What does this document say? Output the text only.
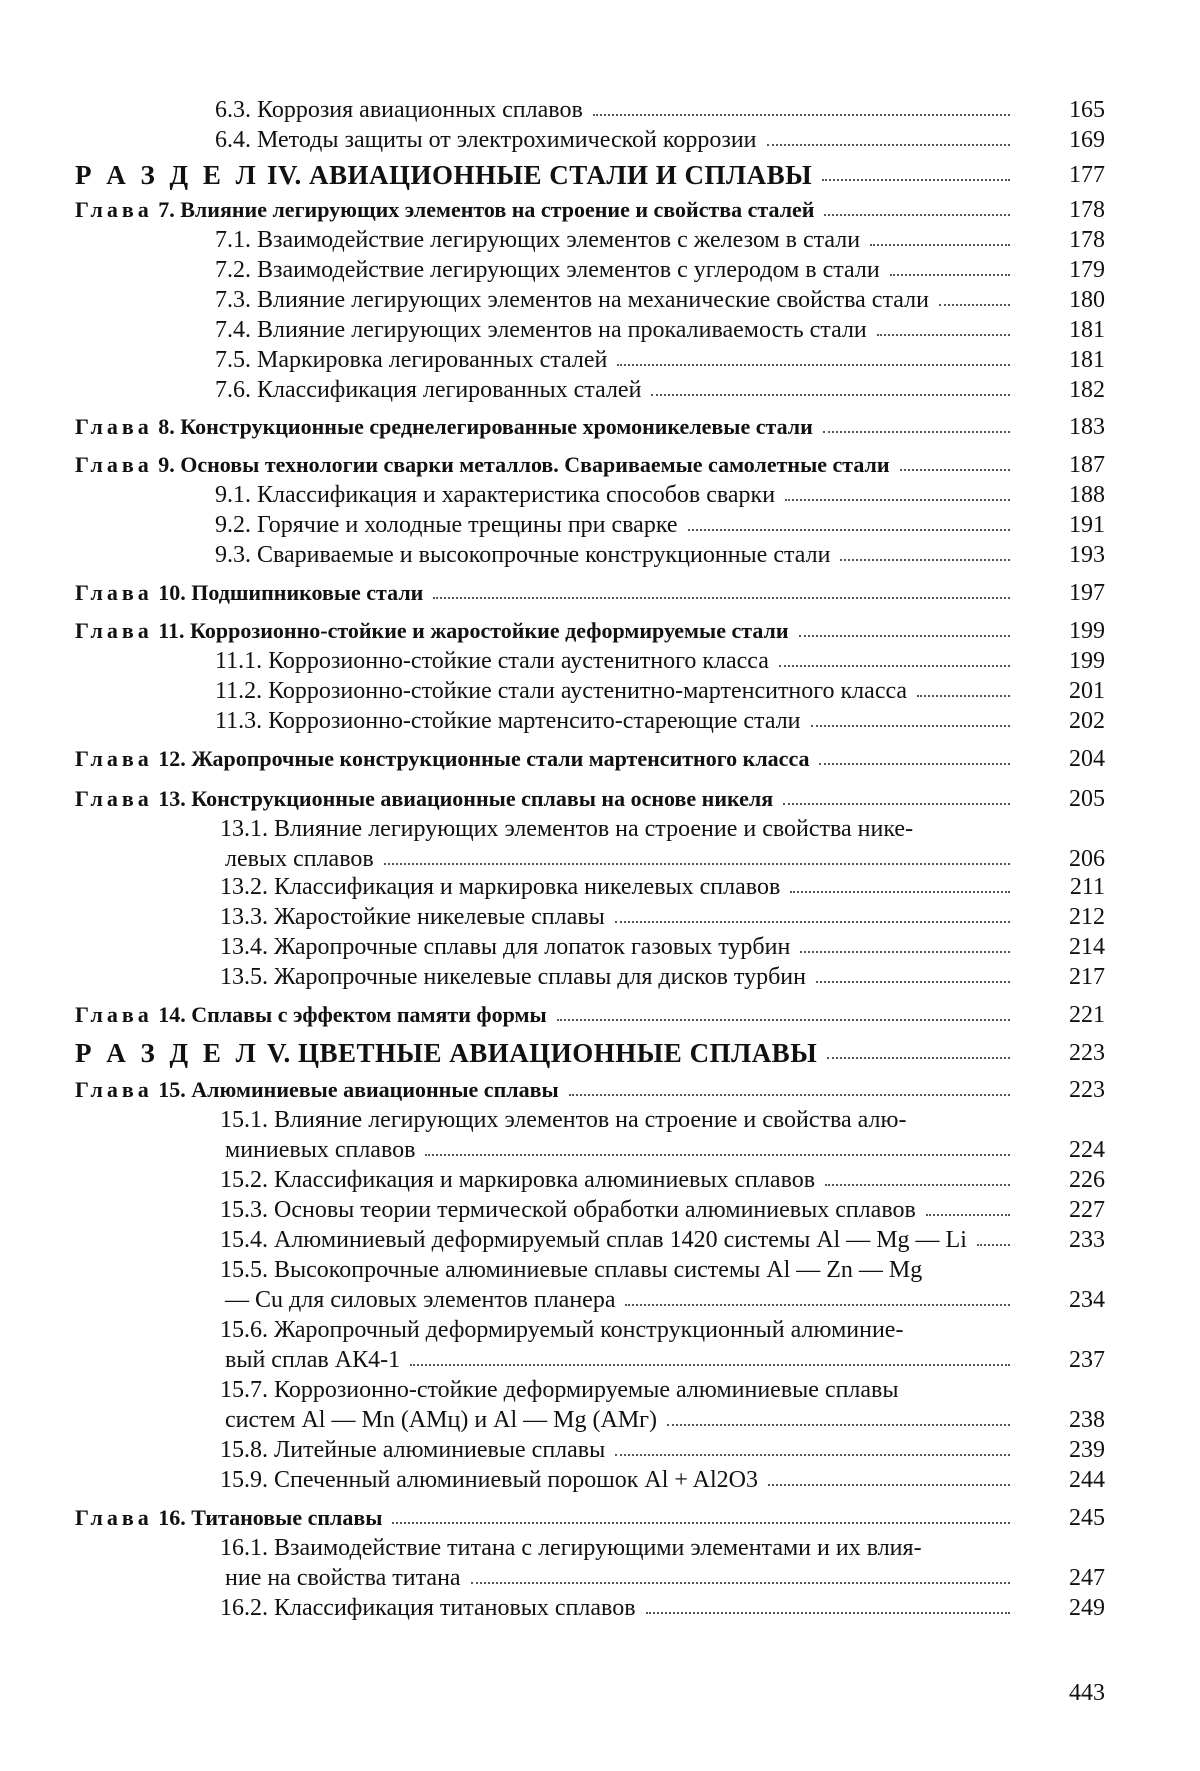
6.3. Коррозия авиационных сплавов	165
6.4. Методы защиты от электрохимической коррозии	169
Р А З Д Е Л IV. АВИАЦИОННЫЕ СТАЛИ И СПЛАВЫ	177
Глава 7. Влияние легирующих элементов на строение и свойства сталей	178
7.1. Взаимодействие легирующих элементов с железом в стали	178
7.2. Взаимодействие легирующих элементов с углеродом в стали	179
7.3. Влияние легирующих элементов на механические свойства стали	180
7.4. Влияние легирующих элементов на прокаливаемость стали	181
7.5. Маркировка легированных сталей	181
7.6. Классификация легированных сталей	182
Глава 8. Конструкционные среднелегированные хромоникелевые стали	183
Глава 9. Основы технологии сварки металлов. Свариваемые самолетные стали	187
9.1. Классификация и характеристика способов сварки	188
9.2. Горячие и холодные трещины при сварке	191
9.3. Свариваемые и высокопрочные конструкционные стали	193
Глава 10. Подшипниковые стали	197
Глава 11. Коррозионно-стойкие и жаростойкие деформируемые стали	199
11.1. Коррозионно-стойкие стали аустенитного класса	199
11.2. Коррозионно-стойкие стали аустенитно-мартенситного класса	201
11.3. Коррозионно-стойкие мартенсито-стареющие стали	202
Глава 12. Жаропрочные конструкционные стали мартенситного класса	204
Глава 13. Конструкционные авиационные сплавы на основе никеля	205
13.1. Влияние легирующих элементов на строение и свойства нике-
левых сплавов	206
13.2. Классификация и маркировка никелевых сплавов	211
13.3. Жаростойкие никелевые сплавы	212
13.4. Жаропрочные сплавы для лопаток газовых турбин	214
13.5. Жаропрочные никелевые сплавы для дисков турбин	217
Глава 14. Сплавы с эффектом памяти формы	221
Р А З Д Е Л V. ЦВЕТНЫЕ АВИАЦИОННЫЕ СПЛАВЫ	223
Глава 15. Алюминиевые авиационные сплавы	223
15.1. Влияние легирующих элементов на строение и свойства алю-
миниевых сплавов	224
15.2. Классификация и маркировка алюминиевых сплавов	226
15.3. Основы теории термической обработки алюминиевых сплавов	227
15.4. Алюминиевый деформируемый сплав 1420 системы Al — Mg — Li	233
15.5. Высокопрочные алюминиевые сплавы системы Al — Zn — Mg
— Cu для силовых элементов планера	234
15.6. Жаропрочный деформируемый конструкционный алюминие-
вый сплав АК4-1	237
15.7. Коррозионно-стойкие деформируемые алюминиевые сплавы
систем Al — Mn (АМц) и Al — Mg (АМг)	238
15.8. Литейные алюминиевые сплавы	239
15.9. Спеченный алюминиевый порошок Al + Al2O3	244
Глава 16. Титановые сплавы	245
16.1. Взаимодействие титана с легирующими элементами и их влия-
ние на свойства титана	247
16.2. Классификация титановых сплавов	249
443
